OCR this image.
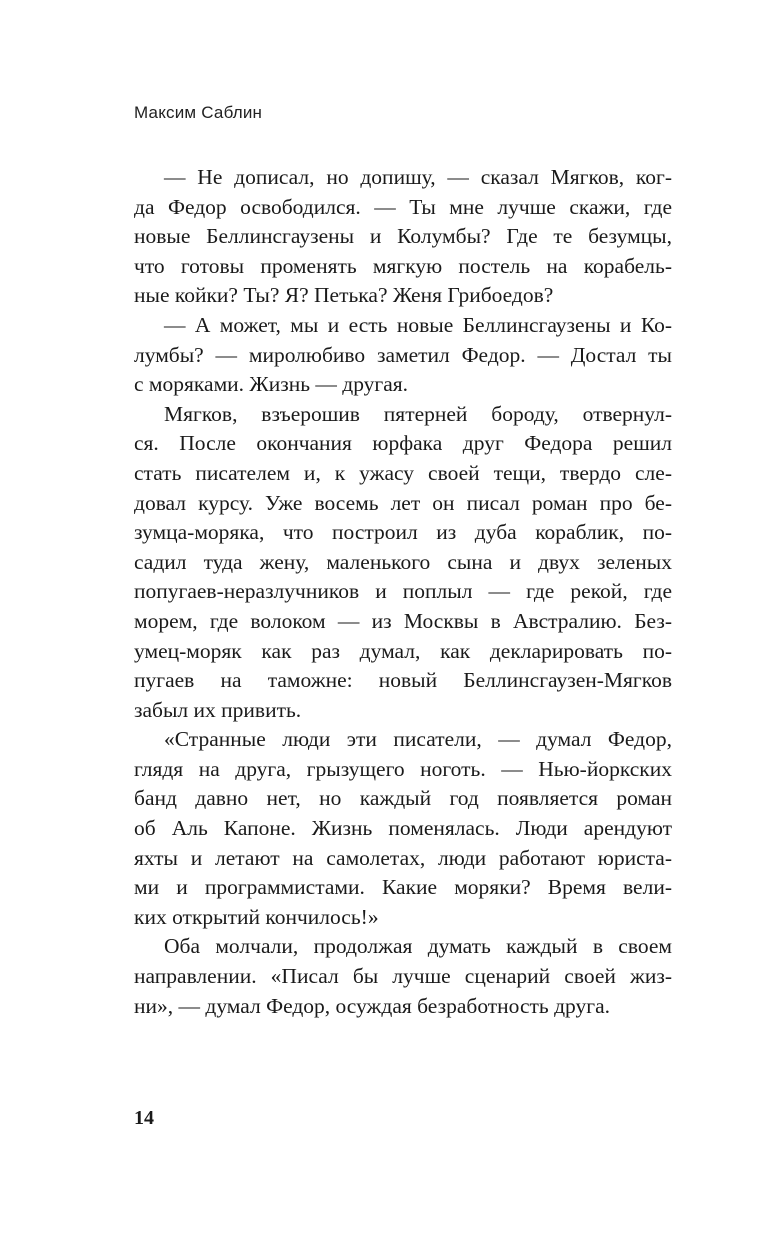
Максим Саблин
— Не дописал, но допишу, — сказал Мягков, ког-
да Федор освободился. — Ты мне лучше скажи, где
новые Беллинсгаузены и Колумбы? Где те безумцы,
что готовы променять мягкую постель на корабель-
ные койки? Ты? Я? Петька? Женя Грибоедов?
— А может, мы и есть новые Беллинсгаузены и Ко-
лумбы? — миролюбиво заметил Федор. — Достал ты
с моряками. Жизнь — другая.
Мягков, взъерошив пятерней бороду, отвернул-
ся. После окончания юрфака друг Федора решил
стать писателем и, к ужасу своей тещи, твердо сле-
довал курсу. Уже восемь лет он писал роман про бе-
зумца-моряка, что построил из дуба кораблик, по-
садил туда жену, маленького сына и двух зеленых
попугаев-неразлучников и поплыл — где рекой, где
морем, где волоком — из Москвы в Австралию. Без-
умец-моряк как раз думал, как декларировать по-
пугаев на таможне: новый Беллинсгаузен-Мягков
забыл их привить.
«Странные люди эти писатели, — думал Федор,
глядя на друга, грызущего ноготь. — Нью-йоркских
банд давно нет, но каждый год появляется роман
об Аль Капоне. Жизнь поменялась. Люди арендуют
яхты и летают на самолетах, люди работают юриста-
ми и программистами. Какие моряки? Время вели-
ких открытий кончилось!»
Оба молчали, продолжая думать каждый в своем
направлении. «Писал бы лучше сценарий своей жиз-
ни», — думал Федор, осуждая безработность друга.
14
